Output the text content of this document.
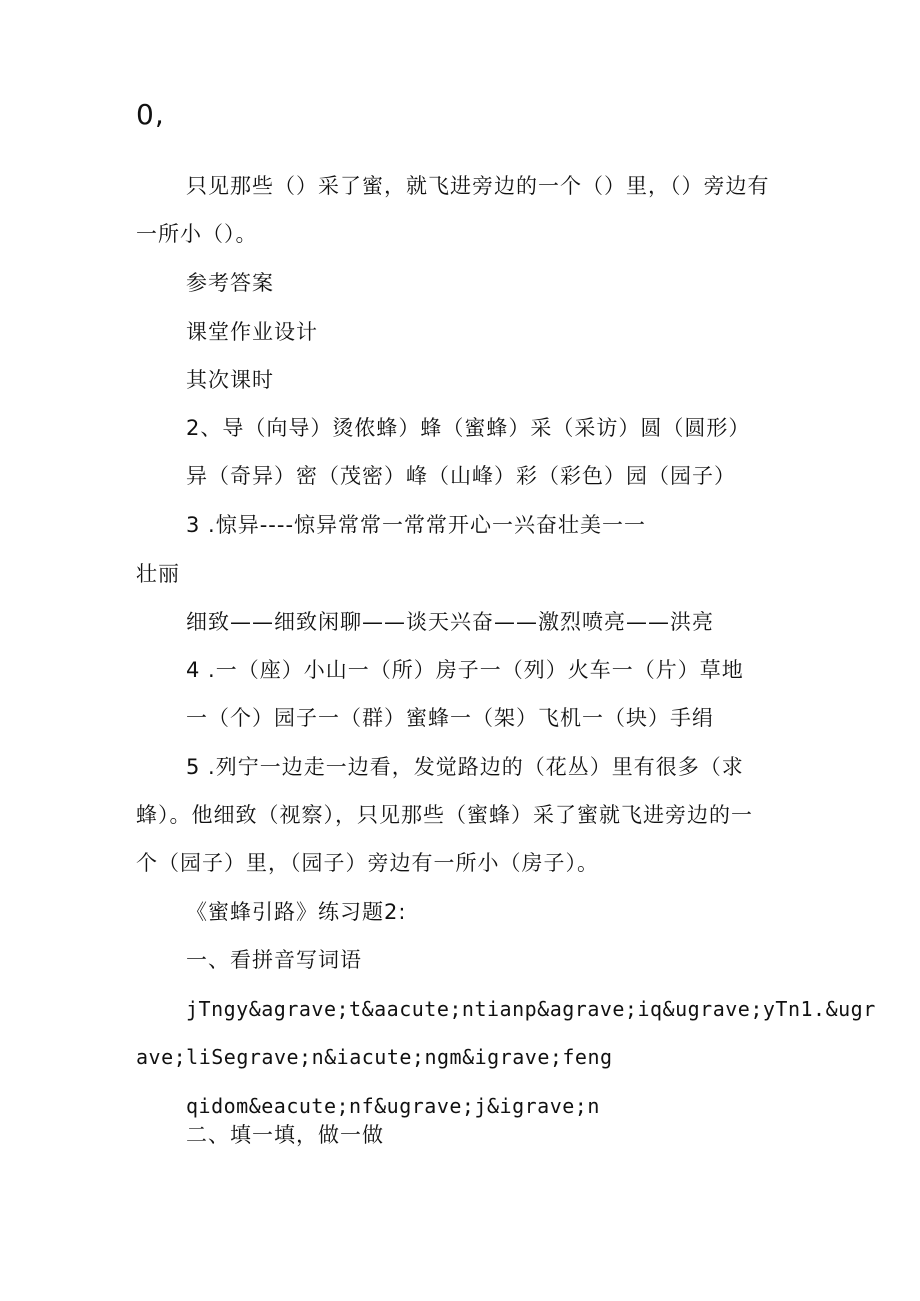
0,
只见那些（）采了蜜，就飞进旁边的一个（）里，（）旁边有
一所小（）。
参考答案
课堂作业设计
其次课时
2、导（向导）烫侬蜂）蜂（蜜蜂）采（采访）圆（圆形）
异（奇异）密（茂密）峰（山峰）彩（彩色）园（园子）
3 .惊异----惊异常常一常常开心一兴奋壮美一一
壮丽
细致——细致闲聊——谈天兴奋——激烈喷亮——洪亮
4 .一（座）小山一（所）房子一（列）火车一（片）草地
一（个）园子一（群）蜜蜂一（架）飞机一（块）手绢
5 .列宁一边走一边看，发觉路边的（花丛）里有很多（求
蜂）。他细致（视察），只见那些（蜜蜂）采了蜜就飞进旁边的一
个（园子）里，（园子）旁边有一所小（房子）。
《蜜蜂引路》练习题2:
一、看拼音写词语
jTngy&agrave;t&aacute;ntianp&agrave;iq&ugrave;yTn1.&ugr
ave;liSegrave;n&iacute;ngm&igrave;feng
qidom&eacute;nf&ugrave;j&igrave;n
二、填一填，做一做
